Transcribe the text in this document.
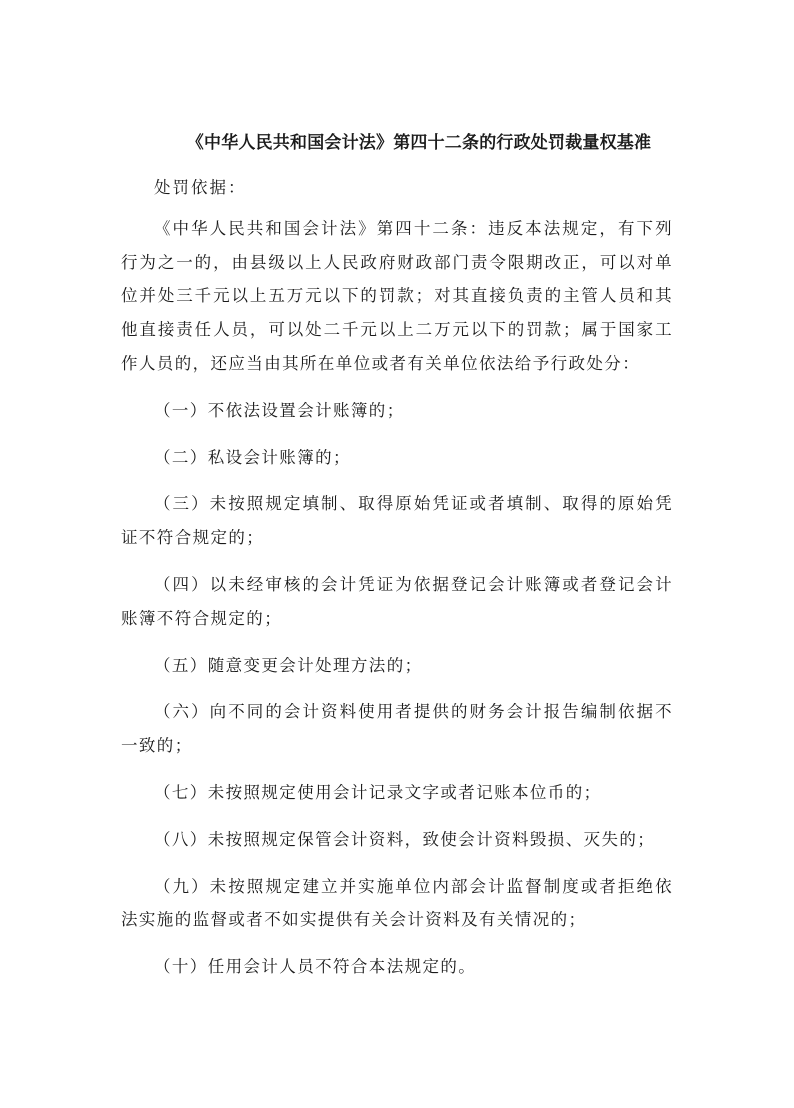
《中华人民共和国会计法》第四十二条的行政处罚裁量权基准

处罚依据：

《中华人民共和国会计法》第四十二条：违反本法规定，有下列行为之一的，由县级以上人民政府财政部门责令限期改正，可以对单位并处三千元以上五万元以下的罚款；对其直接负责的主管人员和其他直接责任人员，可以处二千元以上二万元以下的罚款；属于国家工作人员的，还应当由其所在单位或者有关单位依法给予行政处分：

（一）不依法设置会计账簿的；

（二）私设会计账簿的；

（三）未按照规定填制、取得原始凭证或者填制、取得的原始凭证不符合规定的；

（四）以未经审核的会计凭证为依据登记会计账簿或者登记会计账簿不符合规定的；

（五）随意变更会计处理方法的；

（六）向不同的会计资料使用者提供的财务会计报告编制依据不一致的；

（七）未按照规定使用会计记录文字或者记账本位币的；

（八）未按照规定保管会计资料，致使会计资料毁损、灭失的；

（九）未按照规定建立并实施单位内部会计监督制度或者拒绝依法实施的监督或者不如实提供有关会计资料及有关情况的；

（十）任用会计人员不符合本法规定的。
